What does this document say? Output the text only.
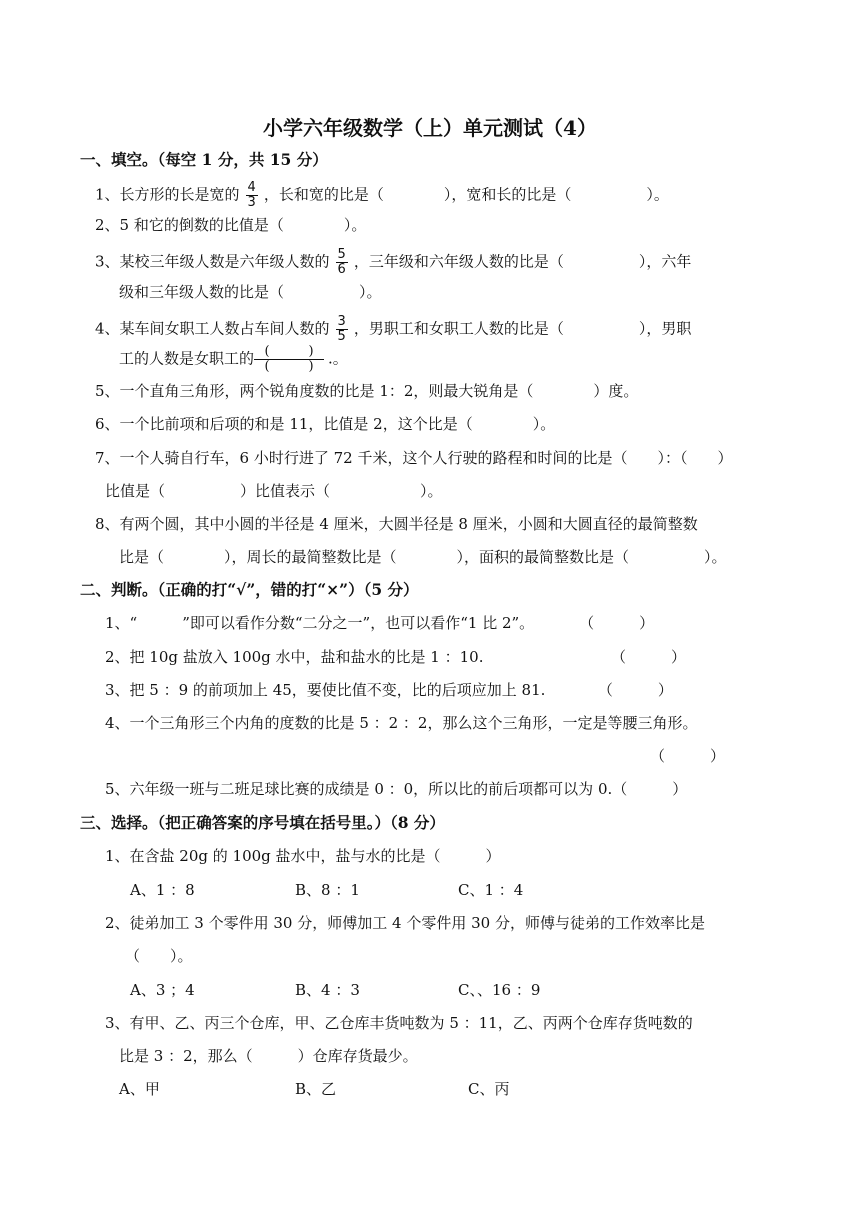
小学六年级数学（上）单元测试（4）
一、填空。（每空 1 分，共 15 分）
1、长方形的长是宽的 $\frac{4}{3}$ ，长和宽的比是（　　　　），宽和长的比是（　　　　　）。
2、5 和它的倒数的比值是（　　　　）。
3、某校三年级人数是六年级人数的 $\frac{5}{6}$ ，三年级和六年级人数的比是（　　　　　），六年
级和三年级人数的比是（　　　　　）。
4、某车间女职工人数占车间人数的 $\frac{3}{5}$ ，男职工和女职工人数的比是（　　　　　），男职
工的人数是女职工的 (　　　)
(　　　) .。
5、一个直角三角形，两个锐角度数的比是 1：2，则最大锐角是（　　　　）度。
6、一个比前项和后项的和是 11，比值是 2，这个比是（　　　　）。
7、一个人骑自行车，6 小时行进了 72 千米，这个人行驶的路程和时间的比是（　　）：（　　）
比值是（　　　　　）比值表示（　　　　　　）。
8、有两个圆，其中小圆的半径是 4 厘米，大圆半径是 8 厘米，小圆和大圆直径的最简整数
比是（　　　　），周长的最简整数比是（　　　　），面积的最简整数比是（　　　　　）。
二、判断。（正确的打“√”，错的打“×”）（5 分）
1、“　　　”即可以看作分数“二分之一”，也可以看作“1 比 2”。　　　　（　　　）
2、把 10g 盐放入 100g 水中，盐和盐水的比是 1 ：10.　　　　　　　　　（　　　）
3、把 5 ：9 的前项加上 45，要使比值不变，比的后项应加上 81.　　　　（　　　）
4、一个三角形三个内角的度数的比是 5 ：2 ：2，那么这个三角形，一定是等腰三角形。
（　　　）
5、六年级一班与二班足球比赛的成绩是 0 ：0，所以比的前后项都可以为 0.（　　　）
三、选择。（把正确答案的序号填在括号里。）（8 分）
1、在含盐 20g 的 100g 盐水中，盐与水的比是（　　　）
A、1 ：8	B、8 ：1	C、1 ：4
2、徒弟加工 3 个零件用 30 分，师傅加工 4 个零件用 30 分，师傅与徒弟的工作效率比是
（　　）。
A、3 ；4	B、4 ：3	C、、16 ：9
3、有甲、乙、丙三个仓库，甲、乙仓库丰货吨数为 5 ：11，乙、丙两个仓库存货吨数的
比是 3 ：2，那么（　　　）仓库存货最少。
A、甲	B、乙	C、丙
